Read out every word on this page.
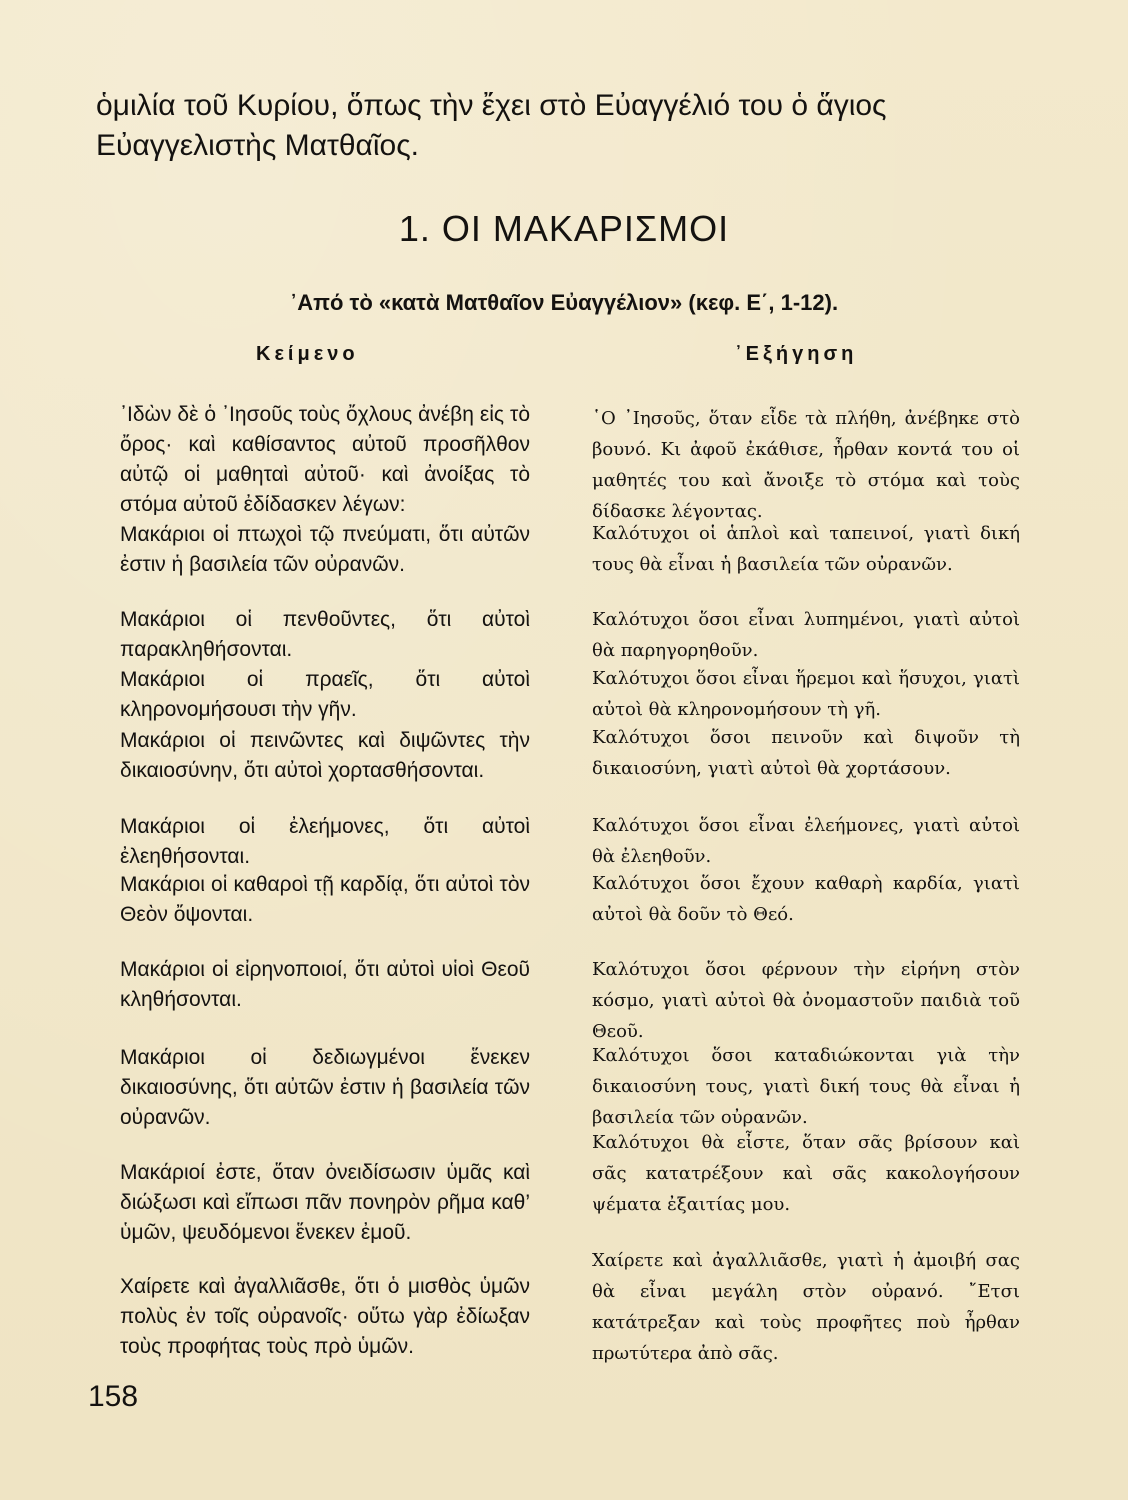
ὁμιλία τοῦ Κυρίου, ὅπως τὴν ἔχει στὸ Εὐαγγέλιό του ὁ ἅγιος Εὐαγγελιστὴς Ματθαῖος.
1. ΟΙ ΜΑΚΑΡΙΣΜΟΙ
᾿Από τὸ «κατὰ Ματθαῖον Εὐαγγέλιον» (κεφ. Ε΄, 1-12).
Κείμενο	᾿Εξήγηση

᾿Ιδὼν δὲ ὁ ᾿Ιησοῦς τοὺς ὄχλους ἀνέβη εἰς τὸ ὄρος· καὶ καθίσαντος αὐτοῦ προσῆλθον αὐτῷ οἱ μαθηταὶ αὐτοῦ· καὶ ἀνοίξας τὸ στόμα αὐτοῦ ἐδίδασκεν λέγων:

Μακάριοι οἱ πτωχοὶ τῷ πνεύματι, ὅτι αὐτῶν ἐστιν ἡ βασιλεία τῶν οὐρανῶν.

Μακάριοι οἱ πενθοῦντες, ὅτι αὐτοὶ παρακληθήσονται.

Μακάριοι οἱ πραεῖς, ὅτι αὐτοὶ κληρονομήσουσι τὴν γῆν.

Μακάριοι οἱ πεινῶντες καὶ διψῶντες τὴν δικαιοσύνην, ὅτι αὐτοὶ χορτασθήσονται.

Μακάριοι οἱ ἐλεήμονες, ὅτι αὐτοὶ ἐλεηθήσονται.

Μακάριοι οἱ καθαροὶ τῇ καρδίᾳ, ὅτι αὐτοὶ τὸν Θεὸν ὄψονται.

Μακάριοι οἱ εἰρηνοποιοί, ὅτι αὐτοὶ υἱοὶ Θεοῦ κληθήσονται.

Μακάριοι οἱ δεδιωγμένοι ἕνεκεν δικαιοσύνης, ὅτι αὐτῶν ἐστιν ἡ βασιλεία τῶν οὐρανῶν.

Μακάριοί ἐστε, ὅταν ὀνειδίσωσιν ὑμᾶς καὶ διώξωσι καὶ εἴπωσι πᾶν πονηρὸν ρῆμα καθ’ ὑμῶν, ψευδόμενοι ἕνεκεν ἐμοῦ.

Χαίρετε καὶ ἀγαλλιᾶσθε, ὅτι ὁ μισθὸς ὑμῶν πολὺς ἐν τοῖς οὐρανοῖς· οὕτω γὰρ ἐδίωξαν τοὺς προφήτας τοὺς πρὸ ὑμῶν.

῾Ο ᾿Ιησοῦς, ὅταν εἶδε τὰ πλήθη, ἀνέβηκε στὸ βουνό. Κι ἀφοῦ ἐκάθισε, ἦρθαν κοντά του οἱ μαθητές του καὶ ἄνοιξε τὸ στόμα καὶ τοὺς δίδασκε λέγοντας.

Καλότυχοι οἱ ἁπλοὶ καὶ ταπεινοί, γιατὶ δική τους θὰ εἶναι ἡ βασιλεία τῶν οὐρανῶν.

Καλότυχοι ὅσοι εἶναι λυπημένοι, γιατὶ αὐτοὶ θὰ παρηγορηθοῦν.

Καλότυχοι ὅσοι εἶναι ἥρεμοι καὶ ἥσυχοι, γιατὶ αὐτοὶ θὰ κληρονομήσουν τὴ γῆ.

Καλότυχοι ὅσοι πεινοῦν καὶ διψοῦν τὴ δικαιοσύνη, γιατὶ αὐτοὶ θὰ χορτάσουν.

Καλότυχοι ὅσοι εἶναι ἐλεήμονες, γιατὶ αὐτοὶ θὰ ἐλεηθοῦν.

Καλότυχοι ὅσοι ἔχουν καθαρὴ καρδία, γιατὶ αὐτοὶ θὰ δοῦν τὸ Θεό.

Καλότυχοι ὅσοι φέρνουν τὴν εἰρήνη στὸν κόσμο, γιατὶ αὐτοὶ θὰ ὀνομαστοῦν παιδιὰ τοῦ Θεοῦ.

Καλότυχοι ὅσοι καταδιώκονται γιὰ τὴν δικαιοσύνη τους, γιατὶ δική τους θὰ εἶναι ἡ βασιλεία τῶν οὐρανῶν.

Καλότυχοι θὰ εἶστε, ὅταν σᾶς βρίσουν καὶ σᾶς κατατρέξουν καὶ σᾶς κακολογήσουν ψέματα ἐξαιτίας μου.

Χαίρετε καὶ ἀγαλλιᾶσθε, γιατὶ ἡ ἀμοιβή σας θὰ εἶναι μεγάλη στὸν οὐρανό. ῎Ετσι κατάτρεξαν καὶ τοὺς προφῆτες ποὺ ἦρθαν πρωτύτερα ἀπὸ σᾶς.

158
